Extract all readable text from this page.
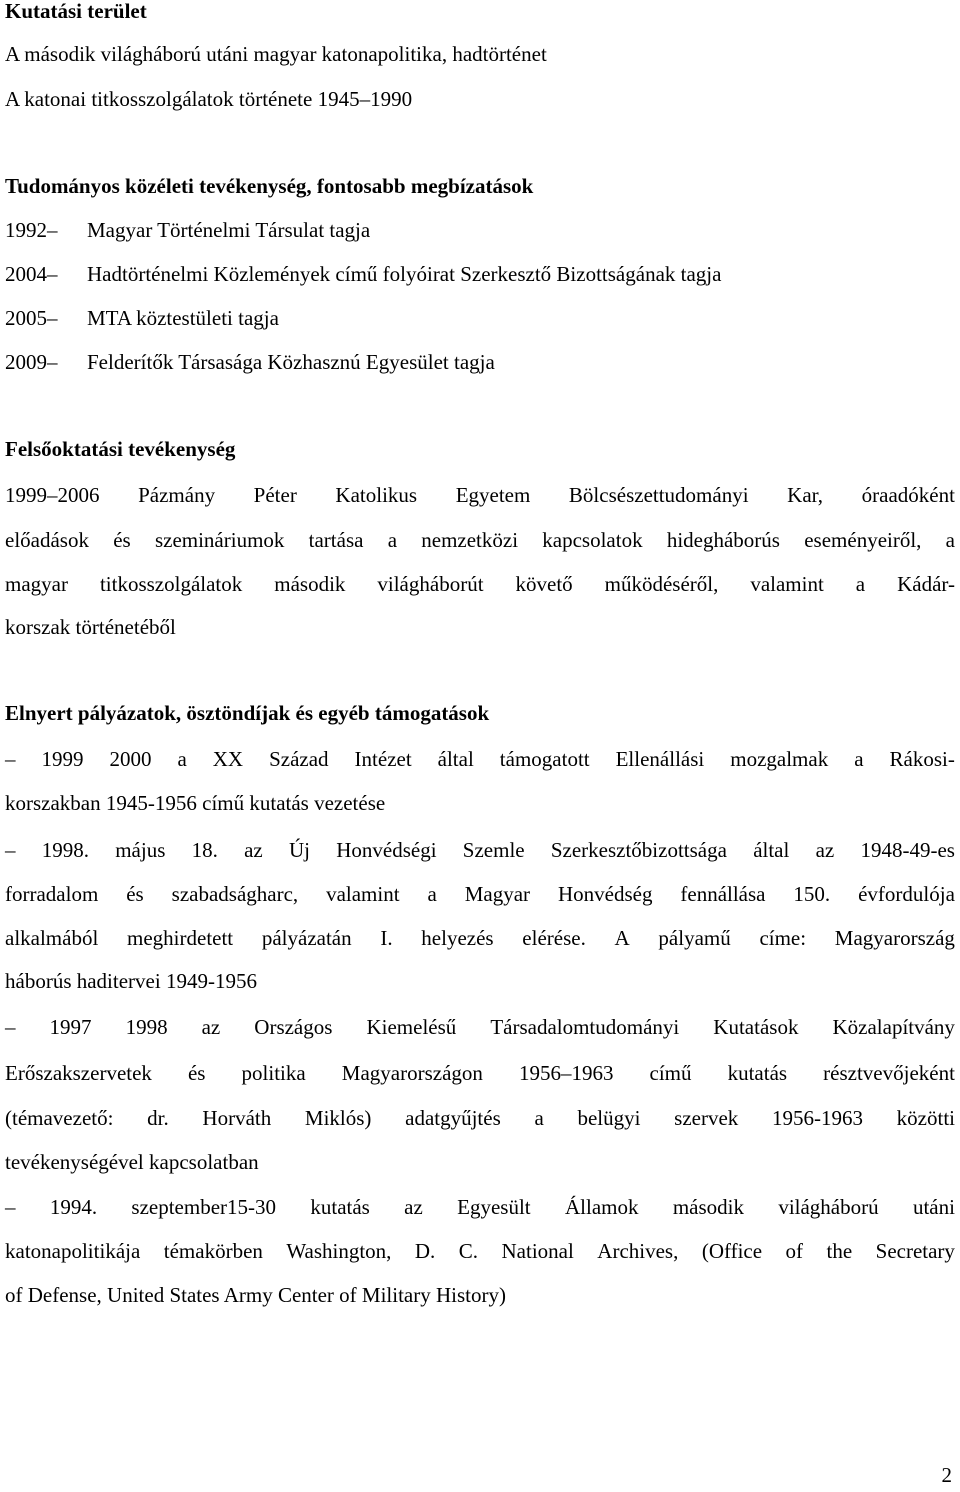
Kutatási terület
A második világháború utáni magyar katonapolitika, hadtörténet
A katonai titkosszolgálatok története 1945–1990
Tudományos közéleti tevékenység, fontosabb megbízatások
1992– Magyar Történelmi Társulat tagja
2004– Hadtörténelmi Közlemények című folyóirat Szerkesztő Bizottságának tagja
2005– MTA köztestületi tagja
2009– Felderítők Társasága Közhasznú Egyesület tagja
Felsőoktatási tevékenység
1999–2006 Pázmány Péter Katolikus Egyetem Bölcsészettudományi Kar, óraadóként
előadások és szemináriumok tartása a nemzetközi kapcsolatok hidegháborús eseményeiről, a
magyar titkosszolgálatok második világháborút követő működéséről, valamint a Kádár-
korszak történetéből
Elnyert pályázatok, ösztöndíjak és egyéb támogatások
– 1999 2000 a XX Század Intézet által támogatott Ellenállási mozgalmak a Rákosi-
korszakban 1945-1956 című kutatás vezetése
– 1998. május 18. az Új Honvédségi Szemle Szerkesztőbizottsága által az 1948-49-es
forradalom és szabadságharc, valamint a Magyar Honvédség fennállása 150. évfordulója
alkalmából meghirdetett pályázatán I. helyezés elérése. A pályamű címe: Magyarország
háborús haditervei 1949-1956
– 1997 1998 az Országos Kiemelésű Társadalomtudományi Kutatások Közalapítvány
Erőszakszervetek és politika Magyarországon 1956–1963 című kutatás résztvevőjeként
(témavezető: dr. Horváth Miklós) adatgyűjtés a belügyi szervek 1956-1963 közötti
tevékenységével kapcsolatban
– 1994. szeptember15-30 kutatás az Egyesült Államok második világháború utáni
katonapolitikája témakörben Washington, D. C. National Archives, (Office of the Secretary
of Defense, United States Army Center of Military History)
2
